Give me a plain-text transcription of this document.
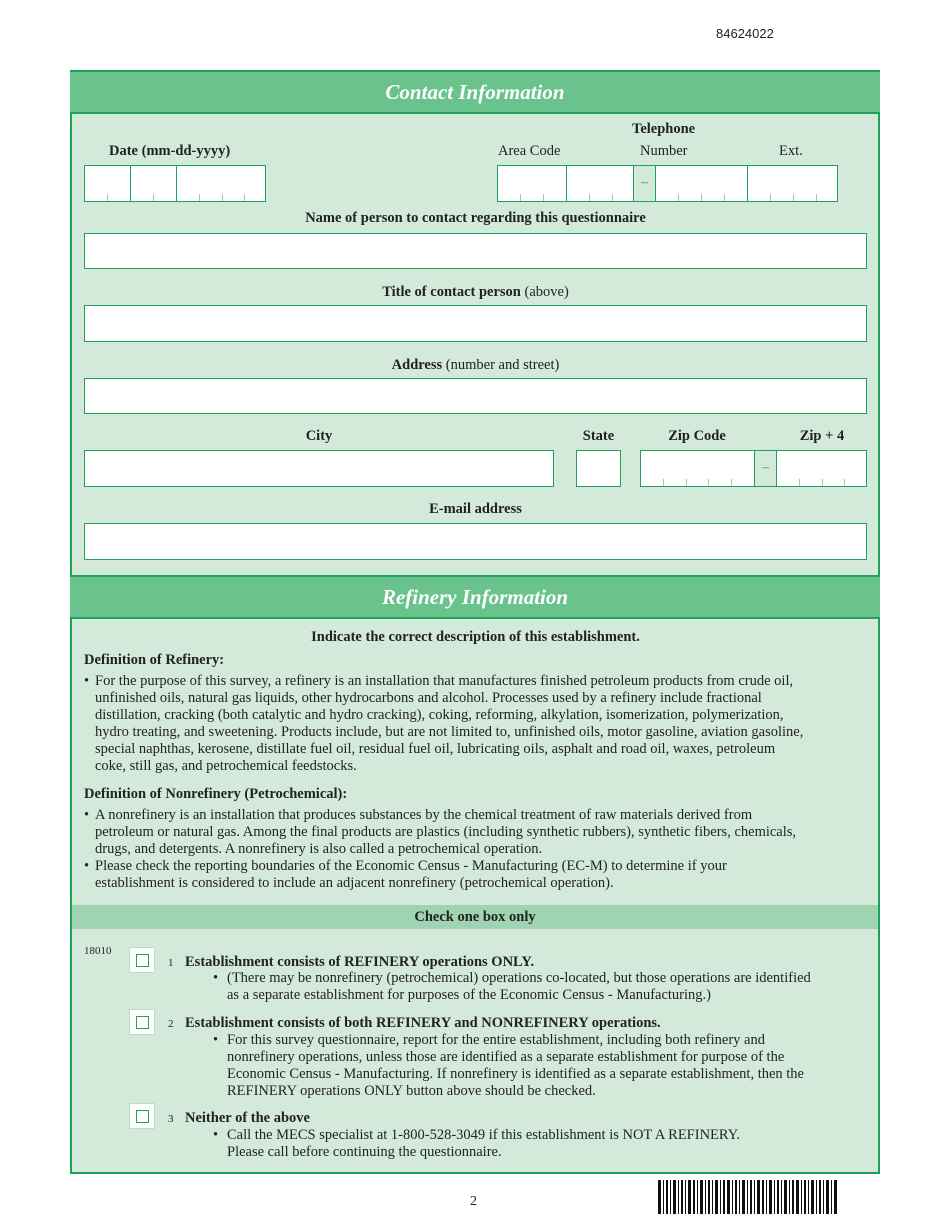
84624022
Contact Information
Telephone
Date (mm-dd-yyyy)	Area Code	Number	Ext.
–
Name of person to contact regarding this questionnaire
Title of contact person (above)
Address (number and street)
City	State	Zip Code	Zip + 4
–
E-mail address
Refinery Information
Indicate the correct description of this establishment.
Definition of Refinery:
• For the purpose of this survey, a refinery is an installation that manufactures finished petroleum products from crude oil,
unfinished oils, natural gas liquids, other hydrocarbons and alcohol. Processes used by a refinery include fractional
distillation, cracking (both catalytic and hydro cracking), coking, reforming, alkylation, isomerization, polymerization,
hydro treating, and sweetening. Products include, but are not limited to, unfinished oils, motor gasoline, aviation gasoline,
special naphthas, kerosene, distillate fuel oil, residual fuel oil, lubricating oils, asphalt and road oil, waxes, petroleum
coke, still gas, and petrochemical feedstocks.
Definition of Nonrefinery (Petrochemical):
• A nonrefinery is an installation that produces substances by the chemical treatment of raw materials derived from
petroleum or natural gas. Among the final products are plastics (including synthetic rubbers), synthetic fibers, chemicals,
drugs, and detergents. A nonrefinery is also called a petrochemical operation.
• Please check the reporting boundaries of the Economic Census - Manufacturing (EC-M) to determine if your
establishment is considered to include an adjacent nonrefinery (petrochemical operation).
Check one box only
18010
1 Establishment consists of REFINERY operations ONLY.
• (There may be nonrefinery (petrochemical) operations co-located, but those operations are identified
as a separate establishment for purposes of the Economic Census - Manufacturing.)
2 Establishment consists of both REFINERY and NONREFINERY operations.
• For this survey questionnaire, report for the entire establishment, including both refinery and
nonrefinery operations, unless those are identified as a separate establishment for purpose of the
Economic Census - Manufacturing. If nonrefinery is identified as a separate establishment, then the
REFINERY operations ONLY button above should be checked.
3 Neither of the above
• Call the MECS specialist at 1-800-528-3049 if this establishment is NOT A REFINERY.
Please call before continuing the questionnaire.
2
